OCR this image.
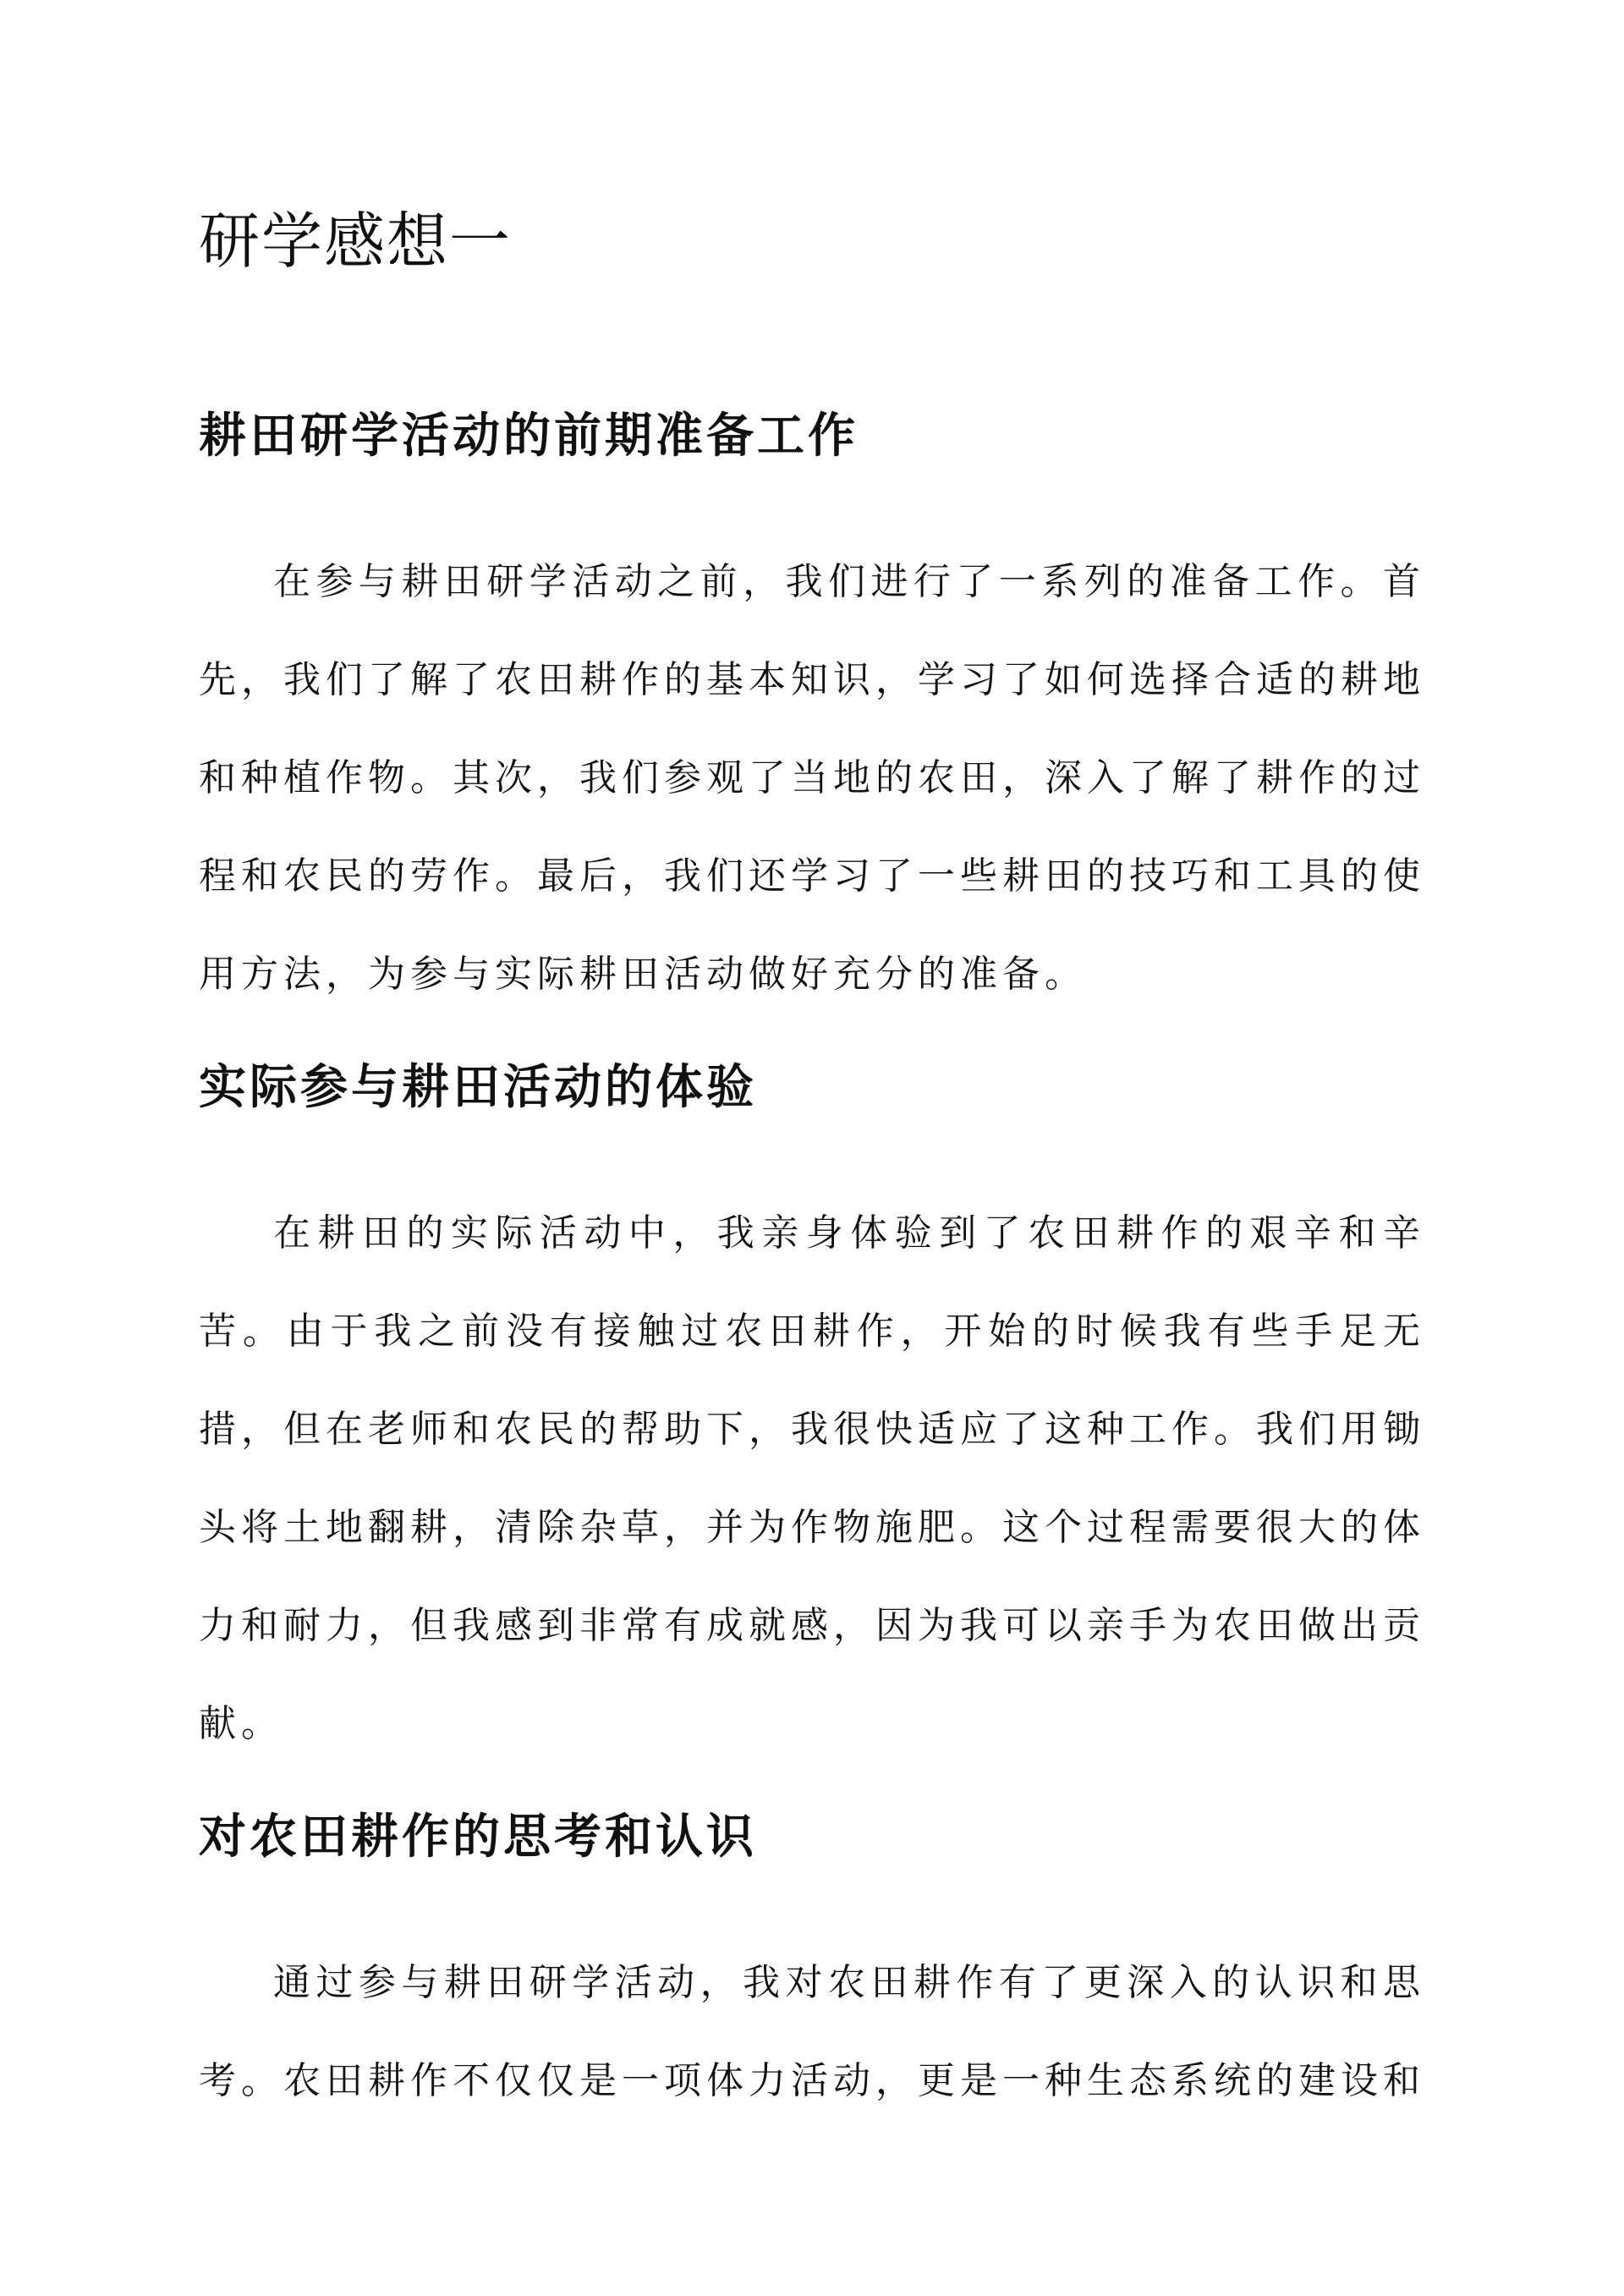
研学感想一
耕田研学活动的前期准备工作

在参与耕田研学活动之前，我们进行了一系列的准备工作。首先，我们了解了农田耕作的基本知识，学习了如何选择合适的耕地和种植作物。其次，我们参观了当地的农田，深入了解了耕作的过程和农民的劳作。最后，我们还学习了一些耕田的技巧和工具的使用方法，为参与实际耕田活动做好充分的准备。

实际参与耕田活动的体验

在耕田的实际活动中，我亲身体验到了农田耕作的艰辛和辛苦。由于我之前没有接触过农田耕作，开始的时候我有些手足无措，但在老师和农民的帮助下，我很快适应了这种工作。我们用锄头将土地翻耕，清除杂草，并为作物施肥。这个过程需要很大的体力和耐力，但我感到非常有成就感，因为我可以亲手为农田做出贡献。

对农田耕作的思考和认识

通过参与耕田研学活动，我对农田耕作有了更深入的认识和思考。农田耕作不仅仅是一项体力活动，更是一种生态系统的建设和
